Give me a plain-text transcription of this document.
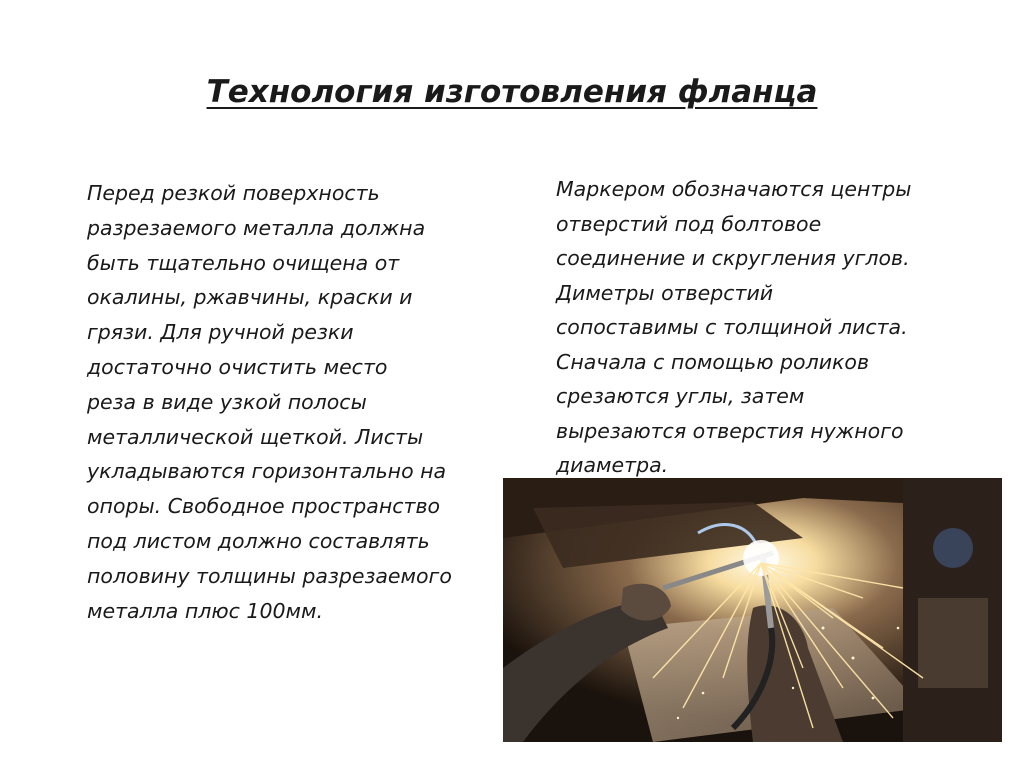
Технология изготовления фланца

Перед резкой поверхность
разрезаемого металла должна
быть тщательно очищена от
окалины, ржавчины, краски и
грязи. Для ручной резки
достаточно очистить место
реза в виде узкой полосы
металлической щеткой. Листы
укладываются горизонтально на
опоры. Свободное пространство
под листом должно составлять
половину толщины разрезаемого
металла плюс 100мм.

Маркером обозначаются центры
отверстий под болтовое
соединение и скругления углов.
Диметры отверстий
сопоставимы с толщиной листа.
Сначала с помощью роликов
срезаются углы, затем
вырезаются отверстия нужного
диаметра.
